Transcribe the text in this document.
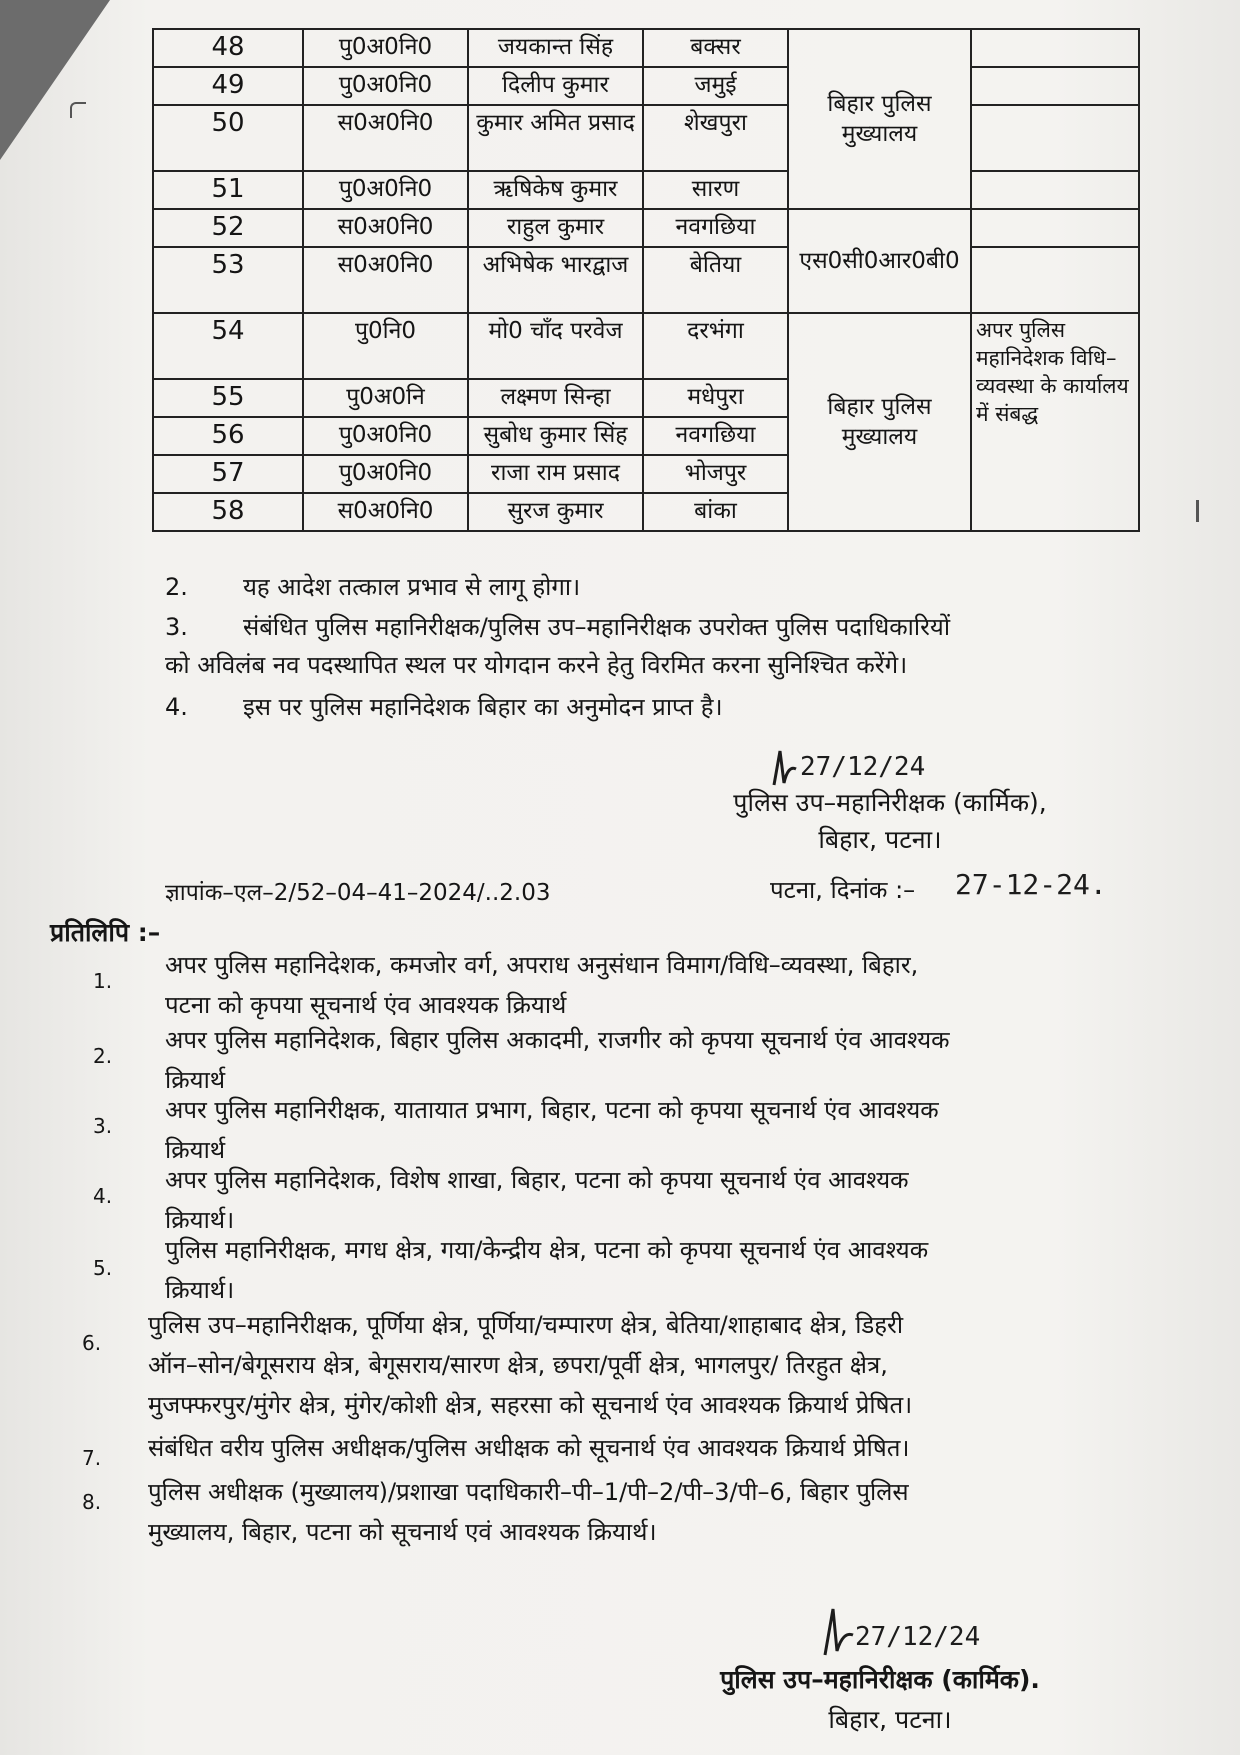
48	पु0अ0नि0	जयकान्त सिंह	बक्सर	बिहार पुलिस मुख्यालय	
49	पु0अ0नि0	दिलीप कुमार	जमुई		
50	स0अ0नि0	कुमार अमित प्रसाद	शेखपुरा		
51	पु0अ0नि0	ऋषिकेष कुमार	सारण		
52	स0अ0नि0	राहुल कुमार	नवगछिया	एस0सी0आर0बी0	
53	स0अ0नि0	अभिषेक भारद्वाज	बेतिया		
54	पु0नि0	मो0 चाँद परवेज	दरभंगा	बिहार पुलिस मुख्यालय	अपर पुलिस महानिदेशक विधि–व्यवस्था के कार्यालय में संबद्ध
55	पु0अ0नि	लक्ष्मण सिन्हा	मधेपुरा		
56	पु0अ0नि0	सुबोध कुमार सिंह	नवगछिया		
57	पु0अ0नि0	राजा राम प्रसाद	भोजपुर		
58	स0अ0नि0	सुरज कुमार	बांका		
2. यह आदेश तत्काल प्रभाव से लागू होगा।
3. संबंधित पुलिस महानिरीक्षक/पुलिस उप–महानिरीक्षक उपरोक्त पुलिस पदाधिकारियों
को अविलंब नव पदस्थापित स्थल पर योगदान करने हेतु विरमित करना सुनिश्चित करेंगे।
4. इस पर पुलिस महानिदेशक बिहार का अनुमोदन प्राप्त है।
27/12/24
पुलिस उप–महानिरीक्षक (कार्मिक),
बिहार, पटना।
ज्ञापांक–एल–2/52–04–41–2024/..2.03	पटना, दिनांक :– 27-12-24.
प्रतिलिपि :–
1.
अपर पुलिस महानिदेशक, कमजोर वर्ग, अपराध अनुसंधान विमाग/विधि–व्यवस्था, बिहार,
पटना को कृपया सूचनार्थ एंव आवश्यक क्रियार्थ
2.
अपर पुलिस महानिदेशक, बिहार पुलिस अकादमी, राजगीर को कृपया सूचनार्थ एंव आवश्यक
क्रियार्थ
3.
अपर पुलिस महानिरीक्षक, यातायात प्रभाग, बिहार, पटना को कृपया सूचनार्थ एंव आवश्यक
क्रियार्थ
4.
अपर पुलिस महानिदेशक, विशेष शाखा, बिहार, पटना को कृपया सूचनार्थ एंव आवश्यक
क्रियार्थ।
5.
पुलिस महानिरीक्षक, मगध क्षेत्र, गया/केन्द्रीय क्षेत्र, पटना को कृपया सूचनार्थ एंव आवश्यक
क्रियार्थ।
6.
पुलिस उप–महानिरीक्षक, पूर्णिया क्षेत्र, पूर्णिया/चम्पारण क्षेत्र, बेतिया/शाहाबाद क्षेत्र, डिहरी
ऑन–सोन/बेगूसराय क्षेत्र, बेगूसराय/सारण क्षेत्र, छपरा/पूर्वी क्षेत्र, भागलपुर/ तिरहुत क्षेत्र,
मुजफ्फरपुर/मुंगेर क्षेत्र, मुंगेर/कोशी क्षेत्र, सहरसा को सूचनार्थ एंव आवश्यक क्रियार्थ प्रेषित।
7. संबंधित वरीय पुलिस अधीक्षक/पुलिस अधीक्षक को सूचनार्थ एंव आवश्यक क्रियार्थ प्रेषित।
8. पुलिस अधीक्षक (मुख्यालय)/प्रशाखा पदाधिकारी–पी–1/पी–2/पी–3/पी–6, बिहार पुलिस
मुख्यालय, बिहार, पटना को सूचनार्थ एवं आवश्यक क्रियार्थ।
27/12/24
पुलिस उप–महानिरीक्षक (कार्मिक).
बिहार, पटना।
